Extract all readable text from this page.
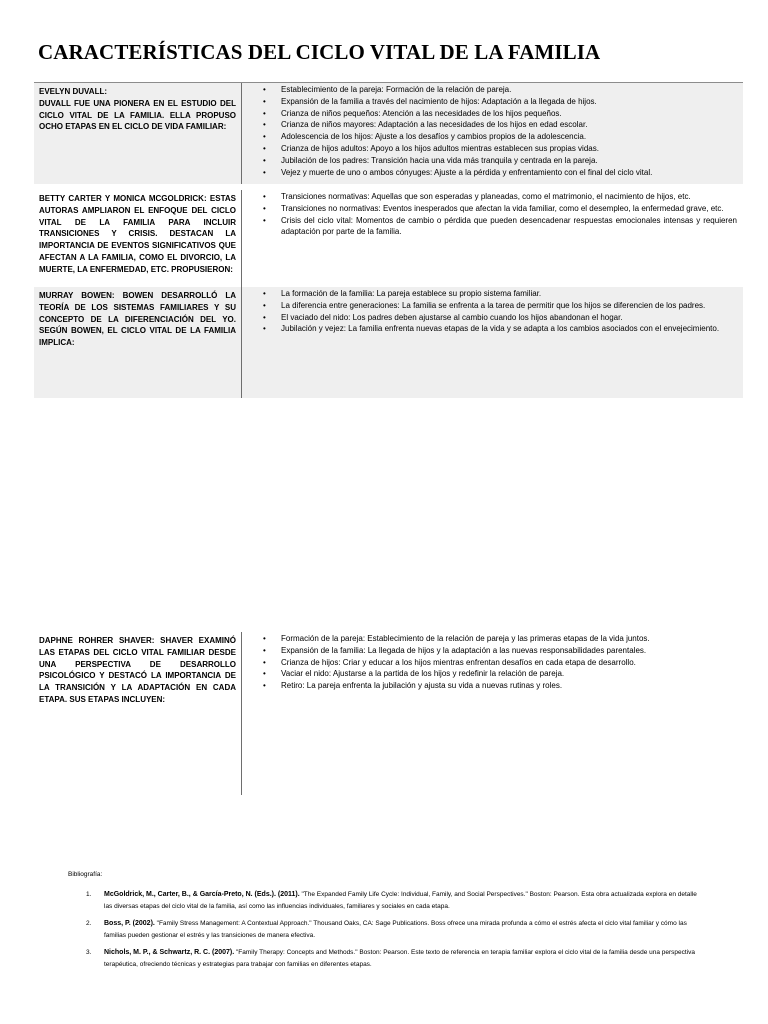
CARACTERÍSTICAS DEL CICLO VITAL DE LA FAMILIA
EVELYN DUVALL:
DUVALL FUE UNA PIONERA EN EL ESTUDIO DEL CICLO VITAL DE LA FAMILIA. ELLA PROPUSO OCHO ETAPAS EN EL CICLO DE VIDA FAMILIAR:
• Establecimiento de la pareja: Formación de la relación de pareja.
• Expansión de la familia a través del nacimiento de hijos: Adaptación a la llegada de hijos.
• Crianza de niños pequeños: Atención a las necesidades de los hijos pequeños.
• Crianza de niños mayores: Adaptación a las necesidades de los hijos en edad escolar.
• Adolescencia de los hijos: Ajuste a los desafíos y cambios propios de la adolescencia.
• Crianza de hijos adultos: Apoyo a los hijos adultos mientras establecen sus propias vidas.
• Jubilación de los padres: Transición hacia una vida más tranquila y centrada en la pareja.
• Vejez y muerte de uno o ambos cónyuges: Ajuste a la pérdida y enfrentamiento con el final del ciclo vital.
BETTY CARTER Y MONICA MCGOLDRICK: ESTAS AUTORAS AMPLIARON EL ENFOQUE DEL CICLO VITAL DE LA FAMILIA PARA INCLUIR TRANSICIONES Y CRISIS. DESTACAN LA IMPORTANCIA DE EVENTOS SIGNIFICATIVOS QUE AFECTAN A LA FAMILIA, COMO EL DIVORCIO, LA MUERTE, LA ENFERMEDAD, ETC. PROPUSIERON:
• Transiciones normativas: Aquellas que son esperadas y planeadas, como el matrimonio, el nacimiento de hijos, etc.
• Transiciones no normativas: Eventos inesperados que afectan la vida familiar, como el desempleo, la enfermedad grave, etc.
• Crisis del ciclo vital: Momentos de cambio o pérdida que pueden desencadenar respuestas emocionales intensas y requieren adaptación por parte de la familia.
MURRAY BOWEN: BOWEN DESARROLLÓ LA TEORÍA DE LOS SISTEMAS FAMILIARES Y SU CONCEPTO DE LA DIFERENCIACIÓN DEL YO. SEGÚN BOWEN, EL CICLO VITAL DE LA FAMILIA IMPLICA:
• La formación de la familia: La pareja establece su propio sistema familiar.
• La diferencia entre generaciones: La familia se enfrenta a la tarea de permitir que los hijos se diferencien de los padres.
• El vaciado del nido: Los padres deben ajustarse al cambio cuando los hijos abandonan el hogar.
• Jubilación y vejez: La familia enfrenta nuevas etapas de la vida y se adapta a los cambios asociados con el envejecimiento.
DAPHNE ROHRER SHAVER: SHAVER EXAMINÓ LAS ETAPAS DEL CICLO VITAL FAMILIAR DESDE UNA PERSPECTIVA DE DESARROLLO PSICOLÓGICO Y DESTACÓ LA IMPORTANCIA DE LA TRANSICIÓN Y LA ADAPTACIÓN EN CADA ETAPA. SUS ETAPAS INCLUYEN:
• Formación de la pareja: Establecimiento de la relación de pareja y las primeras etapas de la vida juntos.
• Expansión de la familia: La llegada de hijos y la adaptación a las nuevas responsabilidades parentales.
• Crianza de hijos: Criar y educar a los hijos mientras enfrentan desafíos en cada etapa de desarrollo.
• Vaciar el nido: Ajustarse a la partida de los hijos y redefinir la relación de pareja.
• Retiro: La pareja enfrenta la jubilación y ajusta su vida a nuevas rutinas y roles.
Bibliografía:
1. McGoldrick, M., Carter, B., & García-Preto, N. (Eds.). (2011). "The Expanded Family Life Cycle: Individual, Family, and Social Perspectives." Boston: Pearson. Esta obra actualizada explora en detalle las diversas etapas del ciclo vital de la familia, así como las influencias individuales, familiares y sociales en cada etapa.
2. Boss, P. (2002). "Family Stress Management: A Contextual Approach." Thousand Oaks, CA: Sage Publications. Boss ofrece una mirada profunda a cómo el estrés afecta el ciclo vital familiar y cómo las familias pueden gestionar el estrés y las transiciones de manera efectiva.
3. Nichols, M. P., & Schwartz, R. C. (2007). "Family Therapy: Concepts and Methods." Boston: Pearson. Este texto de referencia en terapia familiar explora el ciclo vital de la familia desde una perspectiva terapéutica, ofreciendo técnicas y estrategias para trabajar con familias en diferentes etapas.
